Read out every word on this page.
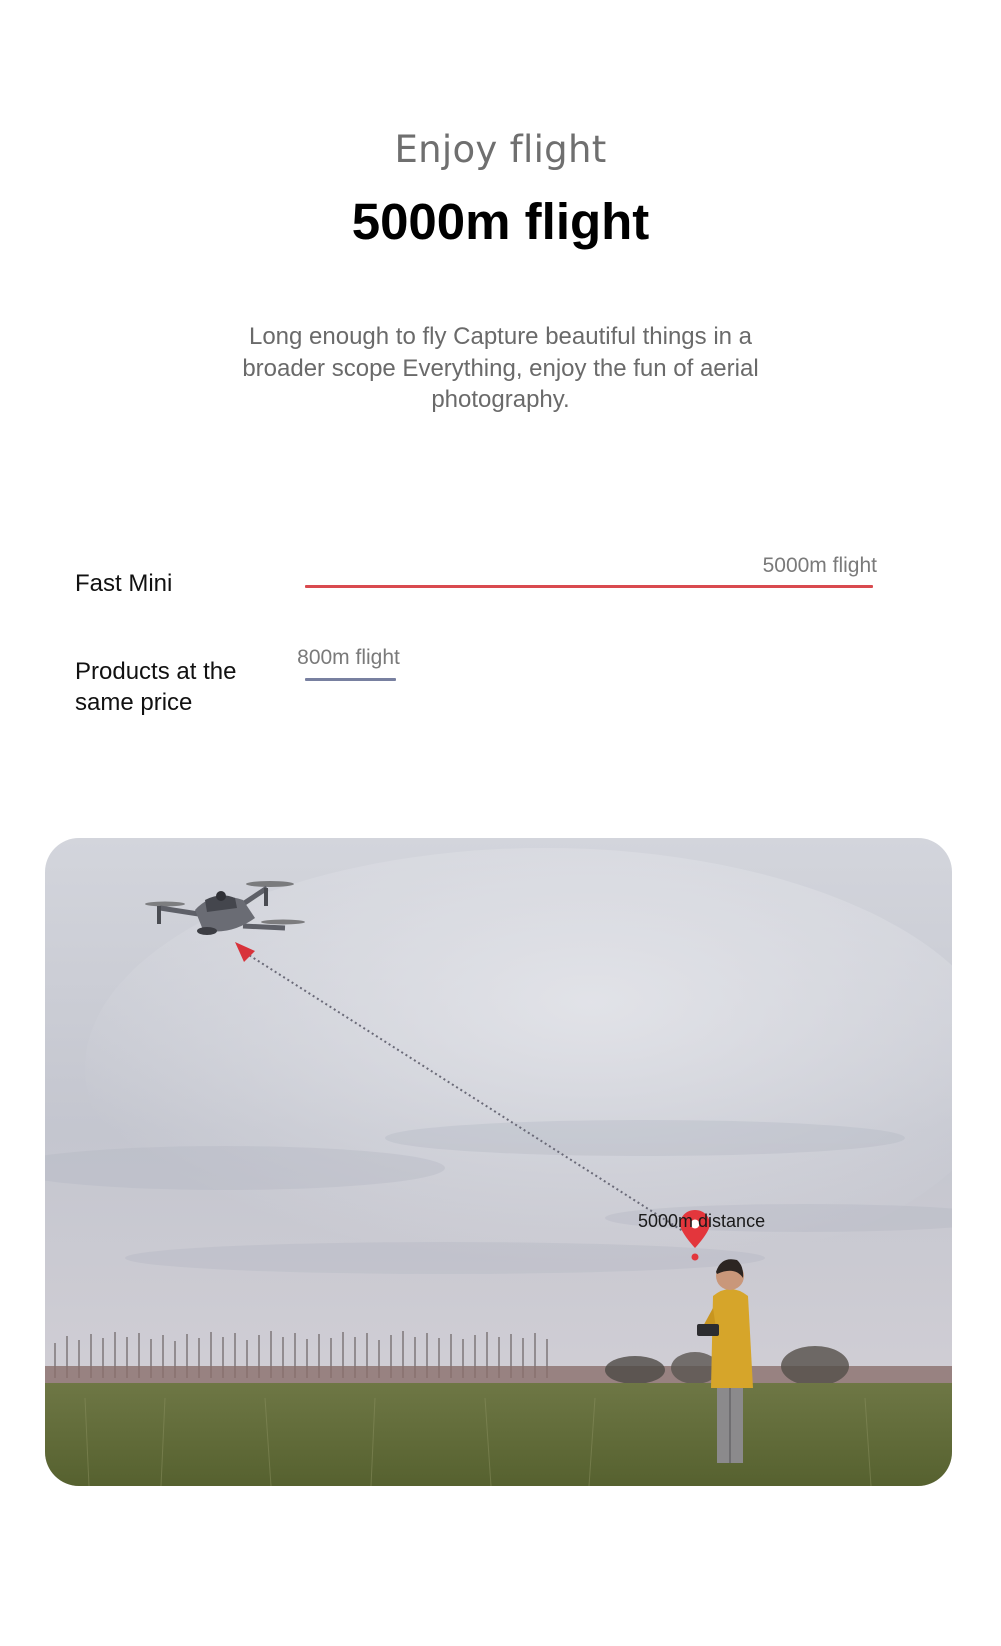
Enjoy flight
5000m flight
Long enough to fly Capture beautiful things in a broader scope Everything, enjoy the fun of aerial photography.
Fast Mini
Products at the same price
5000m flight
800m flight
5000m distance
